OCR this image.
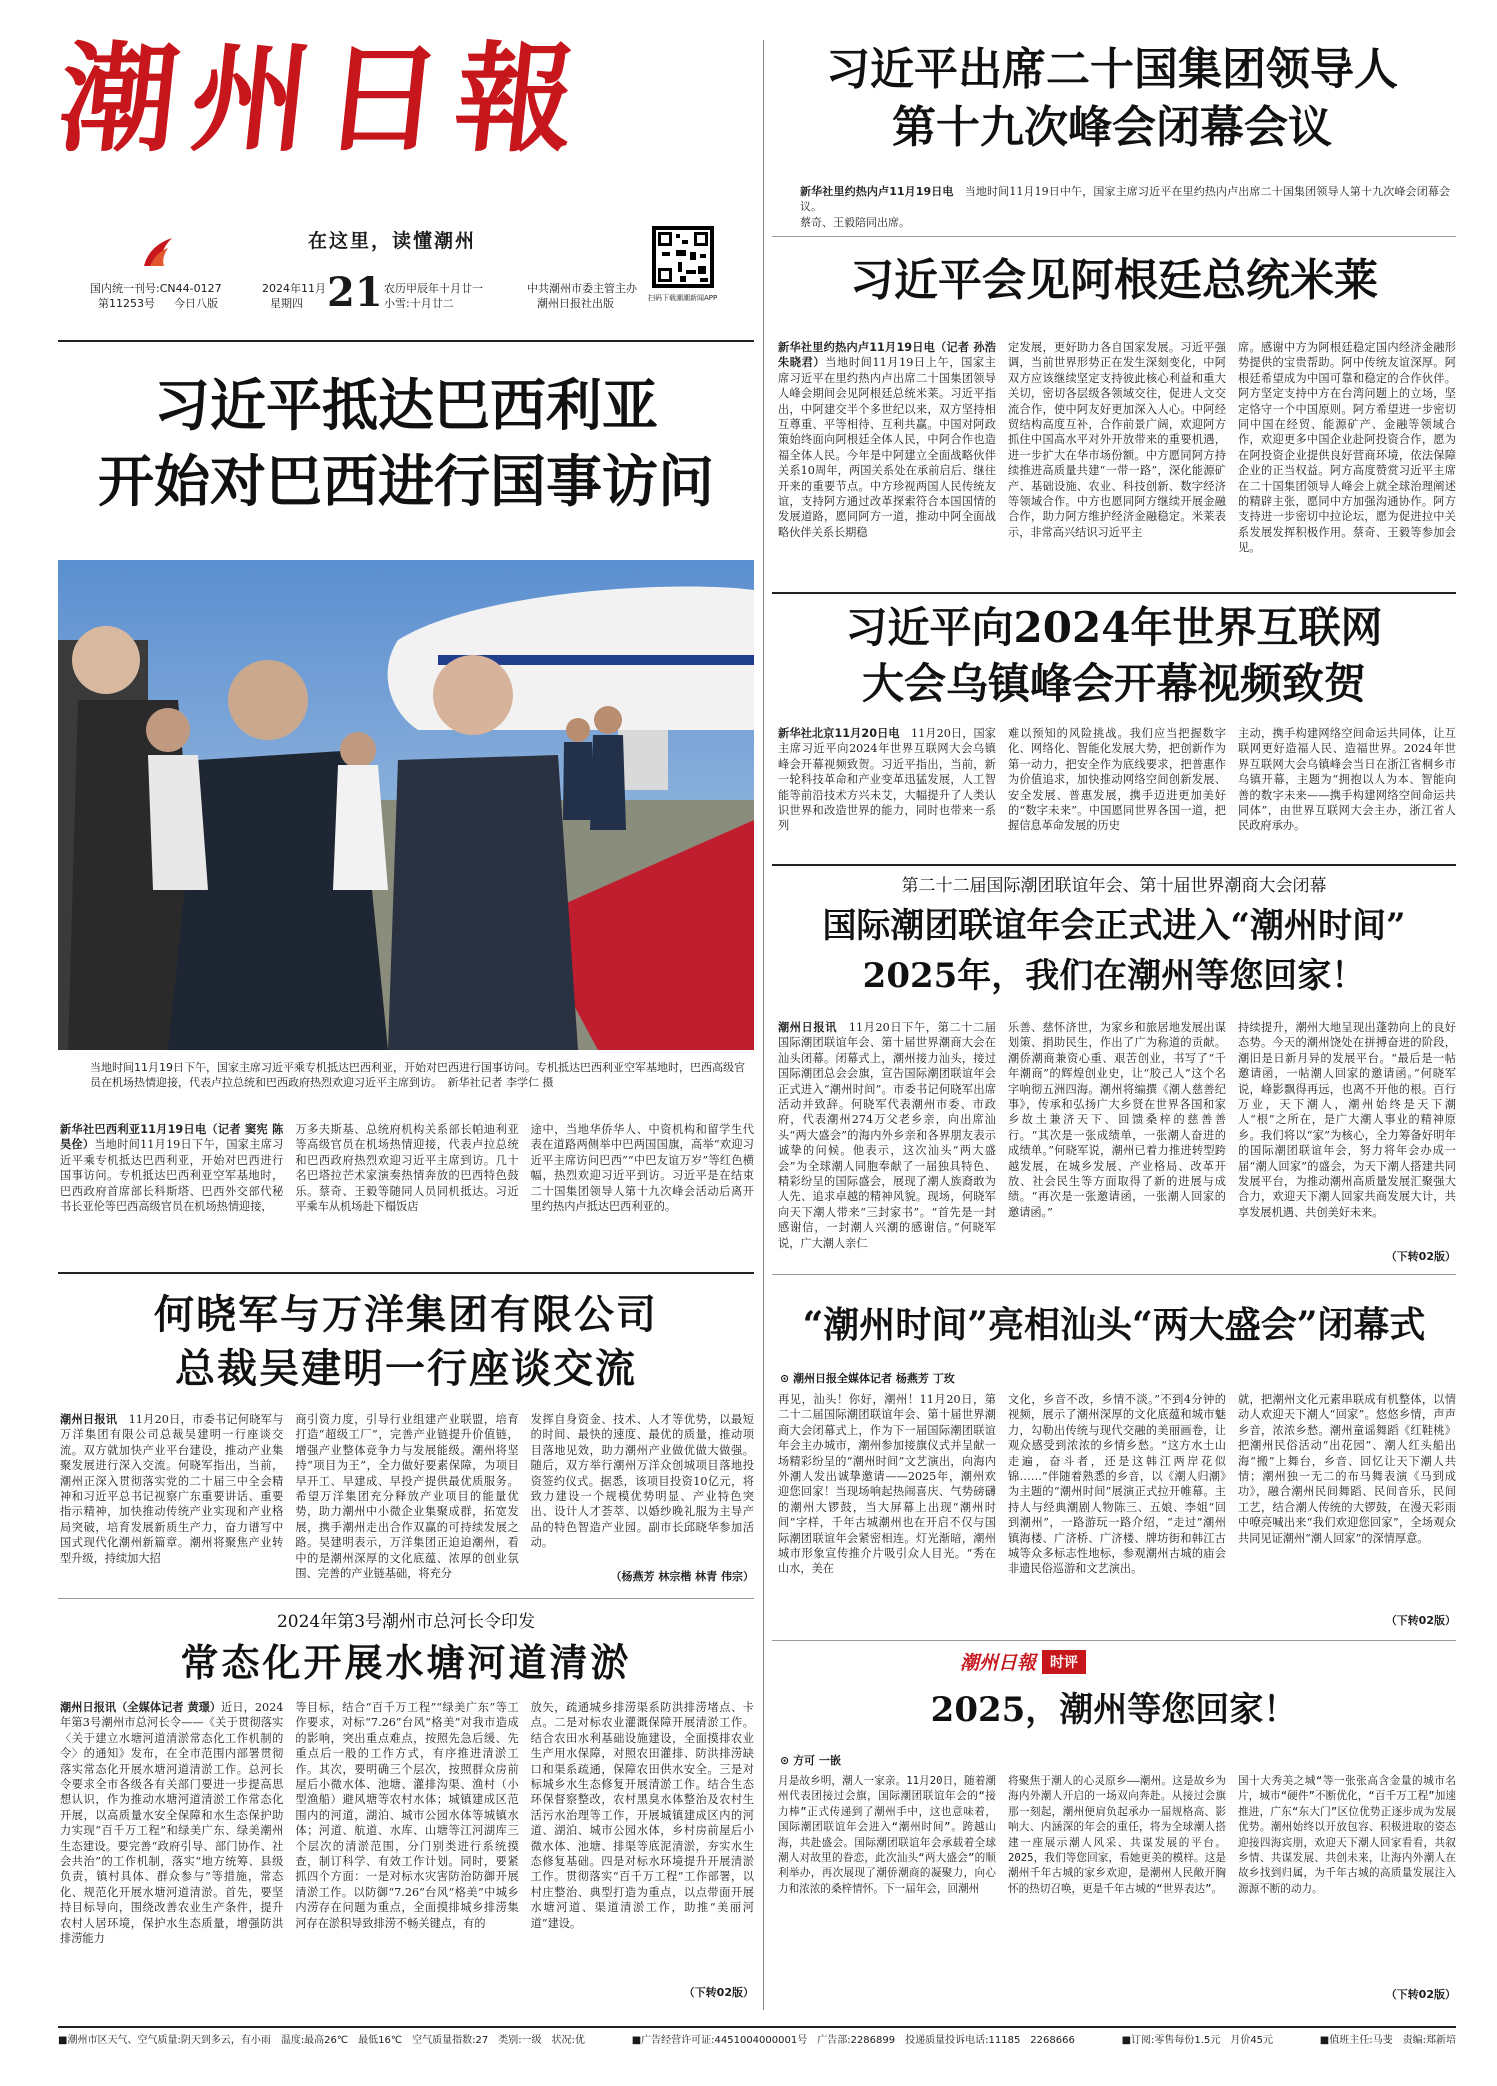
潮州日報
在这里，读懂潮州
国内统一刊号:CN44-0127
第11253号 今日八版
2024年11月
星期四 21 农历甲辰年十月廿一
小雪:十月廿二
中共潮州市委主管主办
潮州日报社出版	扫码下载潮潮新闻APP
习近平出席二十国集团领导人
第十九次峰会闭幕会议
新华社里约热内卢11月19日电　 当地时间11月19日中午，国家主席习近平在里约热内卢出席二十国集团领导人第十九次峰会闭幕会议。
蔡奇、王毅陪同出席。
习近平会见阿根廷总统米莱
新华社里约热内卢11月19日电（记者 孙浩 朱晓君）当地时间11月19日上午，国家主席习近平在里约热内卢出席二十国集团领导人峰会期间会见阿根廷总统米莱。习近平指出，中阿建交半个多世纪以来，双方坚持相互尊重、平等相待、互利共赢。中国对阿政策始终面向阿根廷全体人民，中阿合作也造福全体人民。今年是中阿建立全面战略伙伴关系10周年，两国关系处在承前启后、继往开来的重要节点。中方珍视两国人民传统友谊，支持阿方通过改革探索符合本国国情的发展道路，愿同阿方一道，推动中阿全面战略伙伴关系长期稳
定发展，更好助力各自国家发展。习近平强调，当前世界形势正在发生深刻变化，中阿双方应该继续坚定支持彼此核心利益和重大关切，密切各层级各领域交往，促进人文交流合作，使中阿友好更加深入人心。中阿经贸结构高度互补，合作前景广阔，欢迎阿方抓住中国高水平对外开放带来的重要机遇，进一步扩大在华市场份额。中方愿同阿方持续推进高质量共建“一带一路”，深化能源矿产、基础设施、农业、科技创新、数字经济等领域合作。中方也愿同阿方继续开展金融合作，助力阿方维护经济金融稳定。米莱表示，非常高兴结识习近平主
席。感谢中方为阿根廷稳定国内经济金融形势提供的宝贵帮助。阿中传统友谊深厚。阿根廷希望成为中国可靠和稳定的合作伙伴。阿方坚定支持中方在台湾问题上的立场，坚定恪守一个中国原则。阿方希望进一步密切同中国在经贸、能源矿产、金融等领域合作，欢迎更多中国企业赴阿投资合作，愿为在阿投资企业提供良好营商环境，依法保障企业的正当权益。阿方高度赞赏习近平主席在二十国集团领导人峰会上就全球治理阐述的精辟主张，愿同中方加强沟通协作。阿方支持进一步密切中拉论坛，愿为促进拉中关系发展发挥积极作用。蔡奇、王毅等参加会见。
习近平抵达巴西利亚
开始对巴西进行国事访问
当地时间11月19日下午，国家主席习近平乘专机抵达巴西利亚，开始对巴西进行国事访问。专机抵达巴西利亚空军基地时，巴西高级官员在机场热情迎接，代表卢拉总统和巴西政府热烈欢迎习近平主席到访。　 新华社记者 李学仁 摄
新华社巴西利亚11月19日电（记者 窦宪 陈昊佺）当地时间11月19日下午，国家主席习近平乘专机抵达巴西利亚，开始对巴西进行国事访问。专机抵达巴西利亚空军基地时，巴西政府首席部长科斯塔、巴西外交部代秘书长亚伦等巴西高级官员在机场热情迎接，
万多夫斯基、总统府机构关系部长帕迪利亚等高级官员在机场热情迎接，代表卢拉总统和巴西政府热烈欢迎习近平主席到访。几十名巴塔拉芒术家演奏热情奔放的巴西特色鼓乐。蔡奇、王毅等随同人员同机抵达。习近平乘车从机场赴下榻饭店
途中，当地华侨华人、中资机构和留学生代表在道路两侧举中巴两国国旗，高举“欢迎习近平主席访问巴西”“中巴友谊万岁”等红色横幅，热烈欢迎习近平到访。习近平是在结束二十国集团领导人第十九次峰会活动后离开里约热内卢抵达巴西利亚的。
何晓军与万洋集团有限公司
总裁吴建明一行座谈交流
潮州日报讯　 11月20日，市委书记何晓军与万洋集团有限公司总裁吴建明一行座谈交流。双方就加快产业平台建设，推动产业集聚发展进行深入交流。何晓军指出，当前，潮州正深入贯彻落实党的二十届三中全会精神和习近平总书记视察广东重要讲话、重要指示精神，加快推动传统产业实现和产业格局突破，培育发展新质生产力，奋力谱写中国式现代化潮州新篇章。潮州将聚焦产业转型升级，持续加大招
商引资力度，引导行业组建产业联盟，培育打造“超级工厂”，完善产业链提升价值链，增强产业整体竞争力与发展能级。潮州将坚持“项目为王”，全力做好要素保障，为项目早开工、早建成、早投产提供最优质服务。希望万洋集团充分释放产业项目的能量优势，助力潮州中小微企业集聚成群，拓宽发展，携手潮州走出合作双赢的可持续发展之路。吴建明表示，万洋集团正迫迫潮州，看中的是潮州深厚的文化底蕴、浓厚的创业氛围、完善的产业链基础，将充分
发挥自身资金、技术、人才等优势，以最短的时间、最快的速度、最优的质量，推动项目落地见效，助力潮州产业做优做大做强。随后，双方举行潮州万洋众创城项目落地投资签约仪式。据悉，该项目投资10亿元，将致力建设一个规模优势明显、产业特色突出、设计人才荟萃、以婚纱晚礼服为主导产品的特色智造产业园。副市长邱晓华参加活动。
（杨燕芳 林宗楷 林青 伟宗）
2024年第3号潮州市总河长令印发
常态化开展水塘河道清淤
潮州日报讯（全媒体记者 黄璟）近日，2024年第3号潮州市总河长令——《关于贯彻落实〈关于建立水塘河道清淤常态化工作机制的令〉的通知》发布，在全市范围内部署贯彻落实常态化开展水塘河道清淤工作。总河长令要求全市各级各有关部门要进一步提高思想认识，作为推动水塘河道清淤工作常态化开展，以高质量水安全保障和水生态保护助力实现“百千万工程”和绿美广东、绿美潮州生态建设。要完善“政府引导、部门协作、社会共治”的工作机制，落实“地方统筹、县级负责，镇村具体、群众参与”等措施，常态化、规范化开展水塘河道清淤。首先，要坚持目标导向，围绕改善农业生产条件，提升农村人居环境，保护水生态质量，增强防洪排涝能力
等目标，结合“百千万工程”“绿美广东”等工作要求，对标“7.26”台风“格美”对我市造成的影响，突出重点难点，按照先急后缓、先重点后一般的工作方式，有序推进清淤工作。其次，要明确三个层次，按照群众房前屋后小微水体、池塘、灌排沟渠、渔村（小型渔船）避风塘等农村水体；城镇建成区范围内的河道，湖泊、城市公园水体等城镇水体；河道、航道、水库、山塘等江河湖库三个层次的清淤范围，分门别类进行系统摸查，制订科学、有效工作计划。同时，要紧抓四个方面：一是对标水灾害防治防御开展清淤工作。以防御“7.26”台风“格美”中城乡内涝存在问题为重点，全面摸排城乡排涝集河存在淤积导致排涝不畅关键点，有的
放矢，疏通城乡排涝渠系防洪排涝堵点、卡点。二是对标农业灌溉保障开展清淤工作。结合农田水利基础设施建设，全面摸排农业生产用水保障，对照农田灌排、防洪排涝缺口和渠系疏通，保障农田供水安全。三是对标城乡水生态修复开展清淤工作。结合生态环保督察整改，农村黑臭水体整治及农村生活污水治理等工作，开展城镇建成区内的河道、湖泊、城市公园水体，乡村房前屋后小微水体、池塘、排渠等底泥清淤，夯实水生态修复基础。四是对标水环境提升开展清淤工作。贯彻落实“百千万工程”工作部署，以村庄整治、典型打造为重点，以点带面开展水塘河道、渠道清淤工作，助推“美丽河道”建设。
（下转02版）
习近平向2024年世界互联网
大会乌镇峰会开幕视频致贺
新华社北京11月20日电　 11月20日，国家主席习近平向2024年世界互联网大会乌镇峰会开幕视频致贺。习近平指出，当前，新一轮科技革命和产业变革迅猛发展，人工智能等前沿技术方兴未艾，大幅提升了人类认识世界和改造世界的能力，同时也带来一系列
难以预知的风险挑战。我们应当把握数字化、网络化、智能化发展大势，把创新作为第一动力，把安全作为底线要求，把普惠作为价值追求，加快推动网络空间创新发展、安全发展、普惠发展，携手迈进更加美好的“数字未来”。中国愿同世界各国一道，把握信息革命发展的历史
主动，携手构建网络空间命运共同体，让互联网更好造福人民、造福世界。2024年世界互联网大会乌镇峰会当日在浙江省桐乡市乌镇开幕，主题为“拥抱以人为本、智能向善的数字未来——携手构建网络空间命运共同体”，由世界互联网大会主办，浙江省人民政府承办。
第二十二届国际潮团联谊年会、第十届世界潮商大会闭幕
国际潮团联谊年会正式进入“潮州时间”
2025年，我们在潮州等您回家！
潮州日报讯　 11月20日下午，第二十二届国际潮团联谊年会、第十届世界潮商大会在汕头闭幕。闭幕式上，潮州接力汕头，接过国际潮团总会会旗，宣告国际潮团联谊年会正式进入“潮州时间”。市委书记何晓军出席活动并致辞。何晓军代表潮州市委、市政府，代表潮州274万父老乡亲，向出席汕头“两大盛会”的海内外乡亲和各界朋友表示诚挚的问候。他表示，这次汕头“两大盛会”为全球潮人同胞奉献了一届独具特色、精彩纷呈的国际盛会，展现了潮人族裔敢为人先、追求卓越的精神风貌。现场，何晓军向天下潮人带来“三封家书”。“首先是一封感谢信，一封潮人兴潮的感谢信。”何晓军说，广大潮人亲仁
乐善、慈怀济世，为家乡和旅居地发展出谋划策、捐助民生，作出了广为称道的贡献。潮侨潮商兼资心重、艰苦创业，书写了“千年潮商”的辉煌创业史，让“胶己人”这个名字响彻五洲四海。潮州将编撰《潮人慈善纪事》，传承和弘扬广大乡贤在世界各国和家乡故土兼济天下、回馈桑梓的慈善善行。“其次是一张成绩单，一张潮人奋进的成绩单。”何晓军说，潮州已着力推进转型跨越发展，在城乡发展、产业格局、改革开放、社会民生等方面取得了新的进展与成绩。“再次是一张邀请函，一张潮人回家的邀请函。”
持续提升，潮州大地呈现出蓬勃向上的良好态势。今天的潮州饶处在拼搏奋进的阶段，潮旧是日新月异的发展平台。“最后是一帖邀请函，一帖潮人回家的邀请函。”何晓军说，峰影飘得再远，也离不开他的根。百行万业，天下潮人，潮州始终是天下潮人“根”之所在，是广大潮人事业的精神原乡。我们将以“家”为核心，全力筹备好明年的国际潮团联谊年会，努力将年会办成一届“潮人回家”的盛会，为天下潮人搭建共同发展平台，为推动潮州高质量发展汇聚强大合力，欢迎天下潮人回家共商发展大计，共享发展机遇、共创美好未来。
（下转02版）
“潮州时间”亮相汕头“两大盛会”闭幕式
⊙ 潮州日报全媒体记者 杨燕芳 丁玫
再见，汕头！你好，潮州！11月20日，第二十二届国际潮团联谊年会、第十届世界潮商大会闭幕式上，作为下一届国际潮团联谊年会主办城市，潮州参加接旗仪式并呈献一场精彩纷呈的“潮州时间”文艺演出，向海内外潮人发出诚挚邀请——2025年，潮州欢迎您回家！当现场响起热闹喜庆、气势磅礴的潮州大锣鼓，当大屏幕上出现“潮州时间”字样，千年古城潮州也在开启不仅与国际潮团联谊年会紧密相连。灯光渐暗，潮州城市形象宣传推介片吸引众人目光。“秀在山水，美在
文化，乡音不改，乡情不淡。”不到4分钟的视频，展示了潮州深厚的文化底蕴和城市魅力，勾勒出传统与现代交融的美丽画卷，让观众感受到浓浓的乡情乡愁。“这方水土山走遍，奋斗者，还是这韩江两岸花似锦……”伴随着熟悉的乡音，以《潮人归潮》为主题的“潮州时间”展演正式拉开帷幕。主持人与经典潮剧人物陈三、五娘、李姐“回到潮州”，一路游玩一路介绍，“走过”潮州镇海楼、广济桥、广济楼、牌坊街和韩江古城等众多标志性地标，参观潮州古城的庙会非遗民俗巡游和文艺演出。
就，把潮州文化元素串联成有机整体，以情动人欢迎天下潮人“回家”。悠悠乡情，声声乡音，浓浓乡愁。潮州童谣舞蹈《红鞋桃》把潮州民俗活动“出花园”、潮人红头船出海“搬”上舞台，乡音、回忆让天下潮人共情；潮州独一无二的布马舞表演《马到成功》，融合潮州民间舞蹈、民间音乐，民间工艺，结合潮人传统的大锣鼓，在漫天彩雨中嘹亮喊出来“我们欢迎您回家”，全场观众共同见证潮州“潮人回家”的深情厚意。
（下转02版）
潮州日報	时评
2025，潮州等您回家！
⊙ 方可 一嵌
月是故乡明，潮人一家亲。11月20日，随着潮州代表团接过会旗，国际潮团联谊年会的“接力棒”正式传递到了潮州手中，这也意味着，国际潮团联谊年会进入“潮州时间”。跨越山海，共赴盛会。国际潮团联谊年会承载着全球潮人对故里的眷恋，此次汕头“两大盛会”的顺利举办，再次展现了潮侨潮商的凝聚力，向心力和浓浓的桑梓情怀。下一届年会，回潮州
将聚焦于潮人的心灵原乡——潮州。这是故乡为海内外潮人开启的一场双向奔赴。从接过会旗那一刻起，潮州便肩负起承办一届规格高、影响大、内涵深的年会的重任，将为全球潮人搭建一座展示潮人风采、共谋发展的平台。2025，我们等您回家，看她更美的模样。这是潮州千年古城的家乡欢迎，是潮州人民敞开胸怀的热切召唤，更是千年古城的“世界表达”。
国十大秀美之城“等一张张高含金量的城市名片，城市“硬件”不断优化，“百千万工程”加速推进，广东“东大门”区位优势正逐步成为发展优势。潮州始终以开放包容、积极进取的姿态迎接四海宾朋，欢迎天下潮人回家看看，共叙乡情、共谋发展、共创未来，让海内外潮人在故乡找到归属，为千年古城的高质量发展注入源源不断的动力。
（下转02版）
■潮州市区天气、空气质量:阴天到多云，有小雨　温度:最高26℃　最低16℃　空气质量指数:27　类别:一级　状况:优	■广告经营许可证:4451004000001号　广告部:2286899　投递质量投诉电话:11185　2268666	■订阅:零售每份1.5元　月价45元	■值班主任:马斐　责编:郑新培
